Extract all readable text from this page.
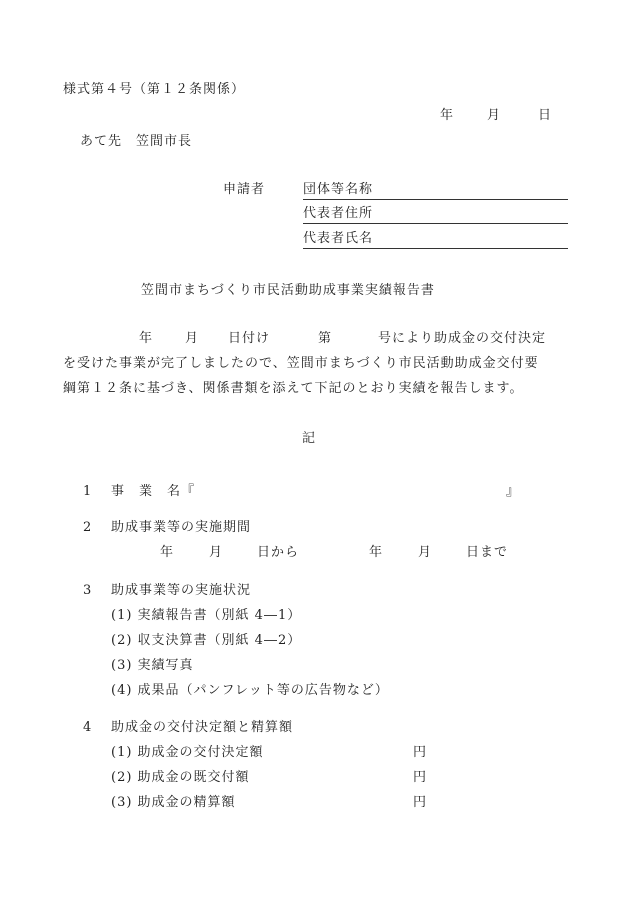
様式第４号（第１２条関係）
年	月	日
あて先　笠間市長
申請者	団体等名称
代表者住所
代表者氏名
笠間市まちづくり市民活動助成事業実績報告書
年 月 日付け	第	号により助成金の交付決定
を受けた事業が完了しましたので、笠間市まちづくり市民活動助成金交付要
綱第１２条に基づき、関係書類を添えて下記のとおり実績を報告します。
記
1 事　業　名『	』
2 助成事業等の実施期間
年	月	日から	年	月	日まで
3 助成事業等の実施状況
(1) 実績報告書（別紙 4―1）
(2) 収支決算書（別紙 4―2）
(3) 実績写真
(4) 成果品（パンフレット等の広告物など）
4 助成金の交付決定額と精算額
(1) 助成金の交付決定額	円
(2) 助成金の既交付額	円
(3) 助成金の精算額	円
